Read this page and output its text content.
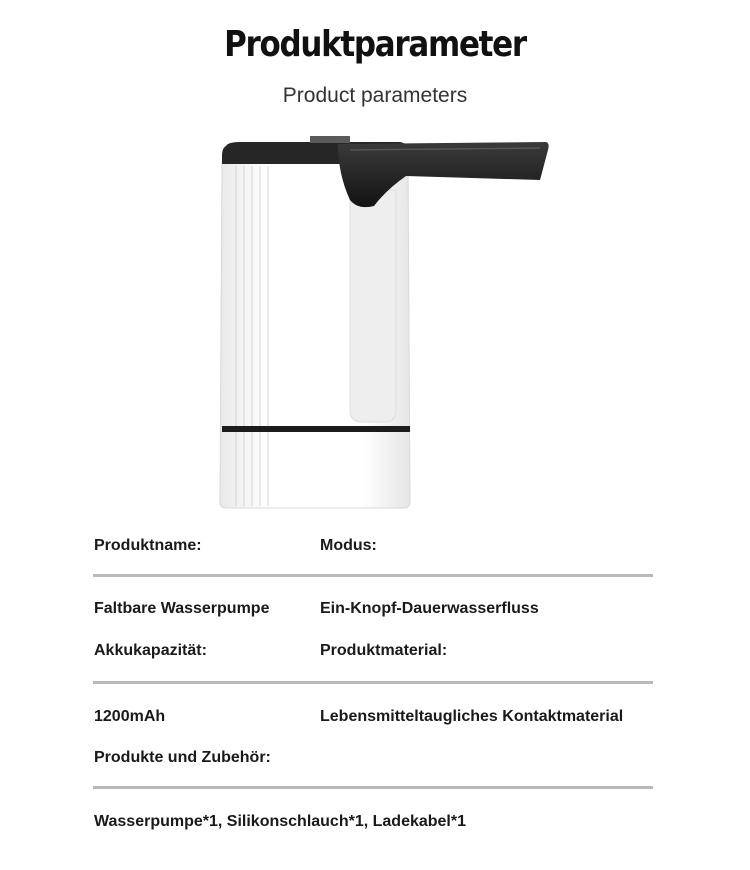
Produktparameter
Product parameters
Produktname:	Modus:
Faltbare Wasserpumpe	Ein-Knopf-Dauerwasserfluss
Akkukapazität:	Produktmaterial:
1200mAh	Lebensmitteltaugliches Kontaktmaterial
Produkte und Zubehör:
Wasserpumpe*1, Silikonschlauch*1, Ladekabel*1
